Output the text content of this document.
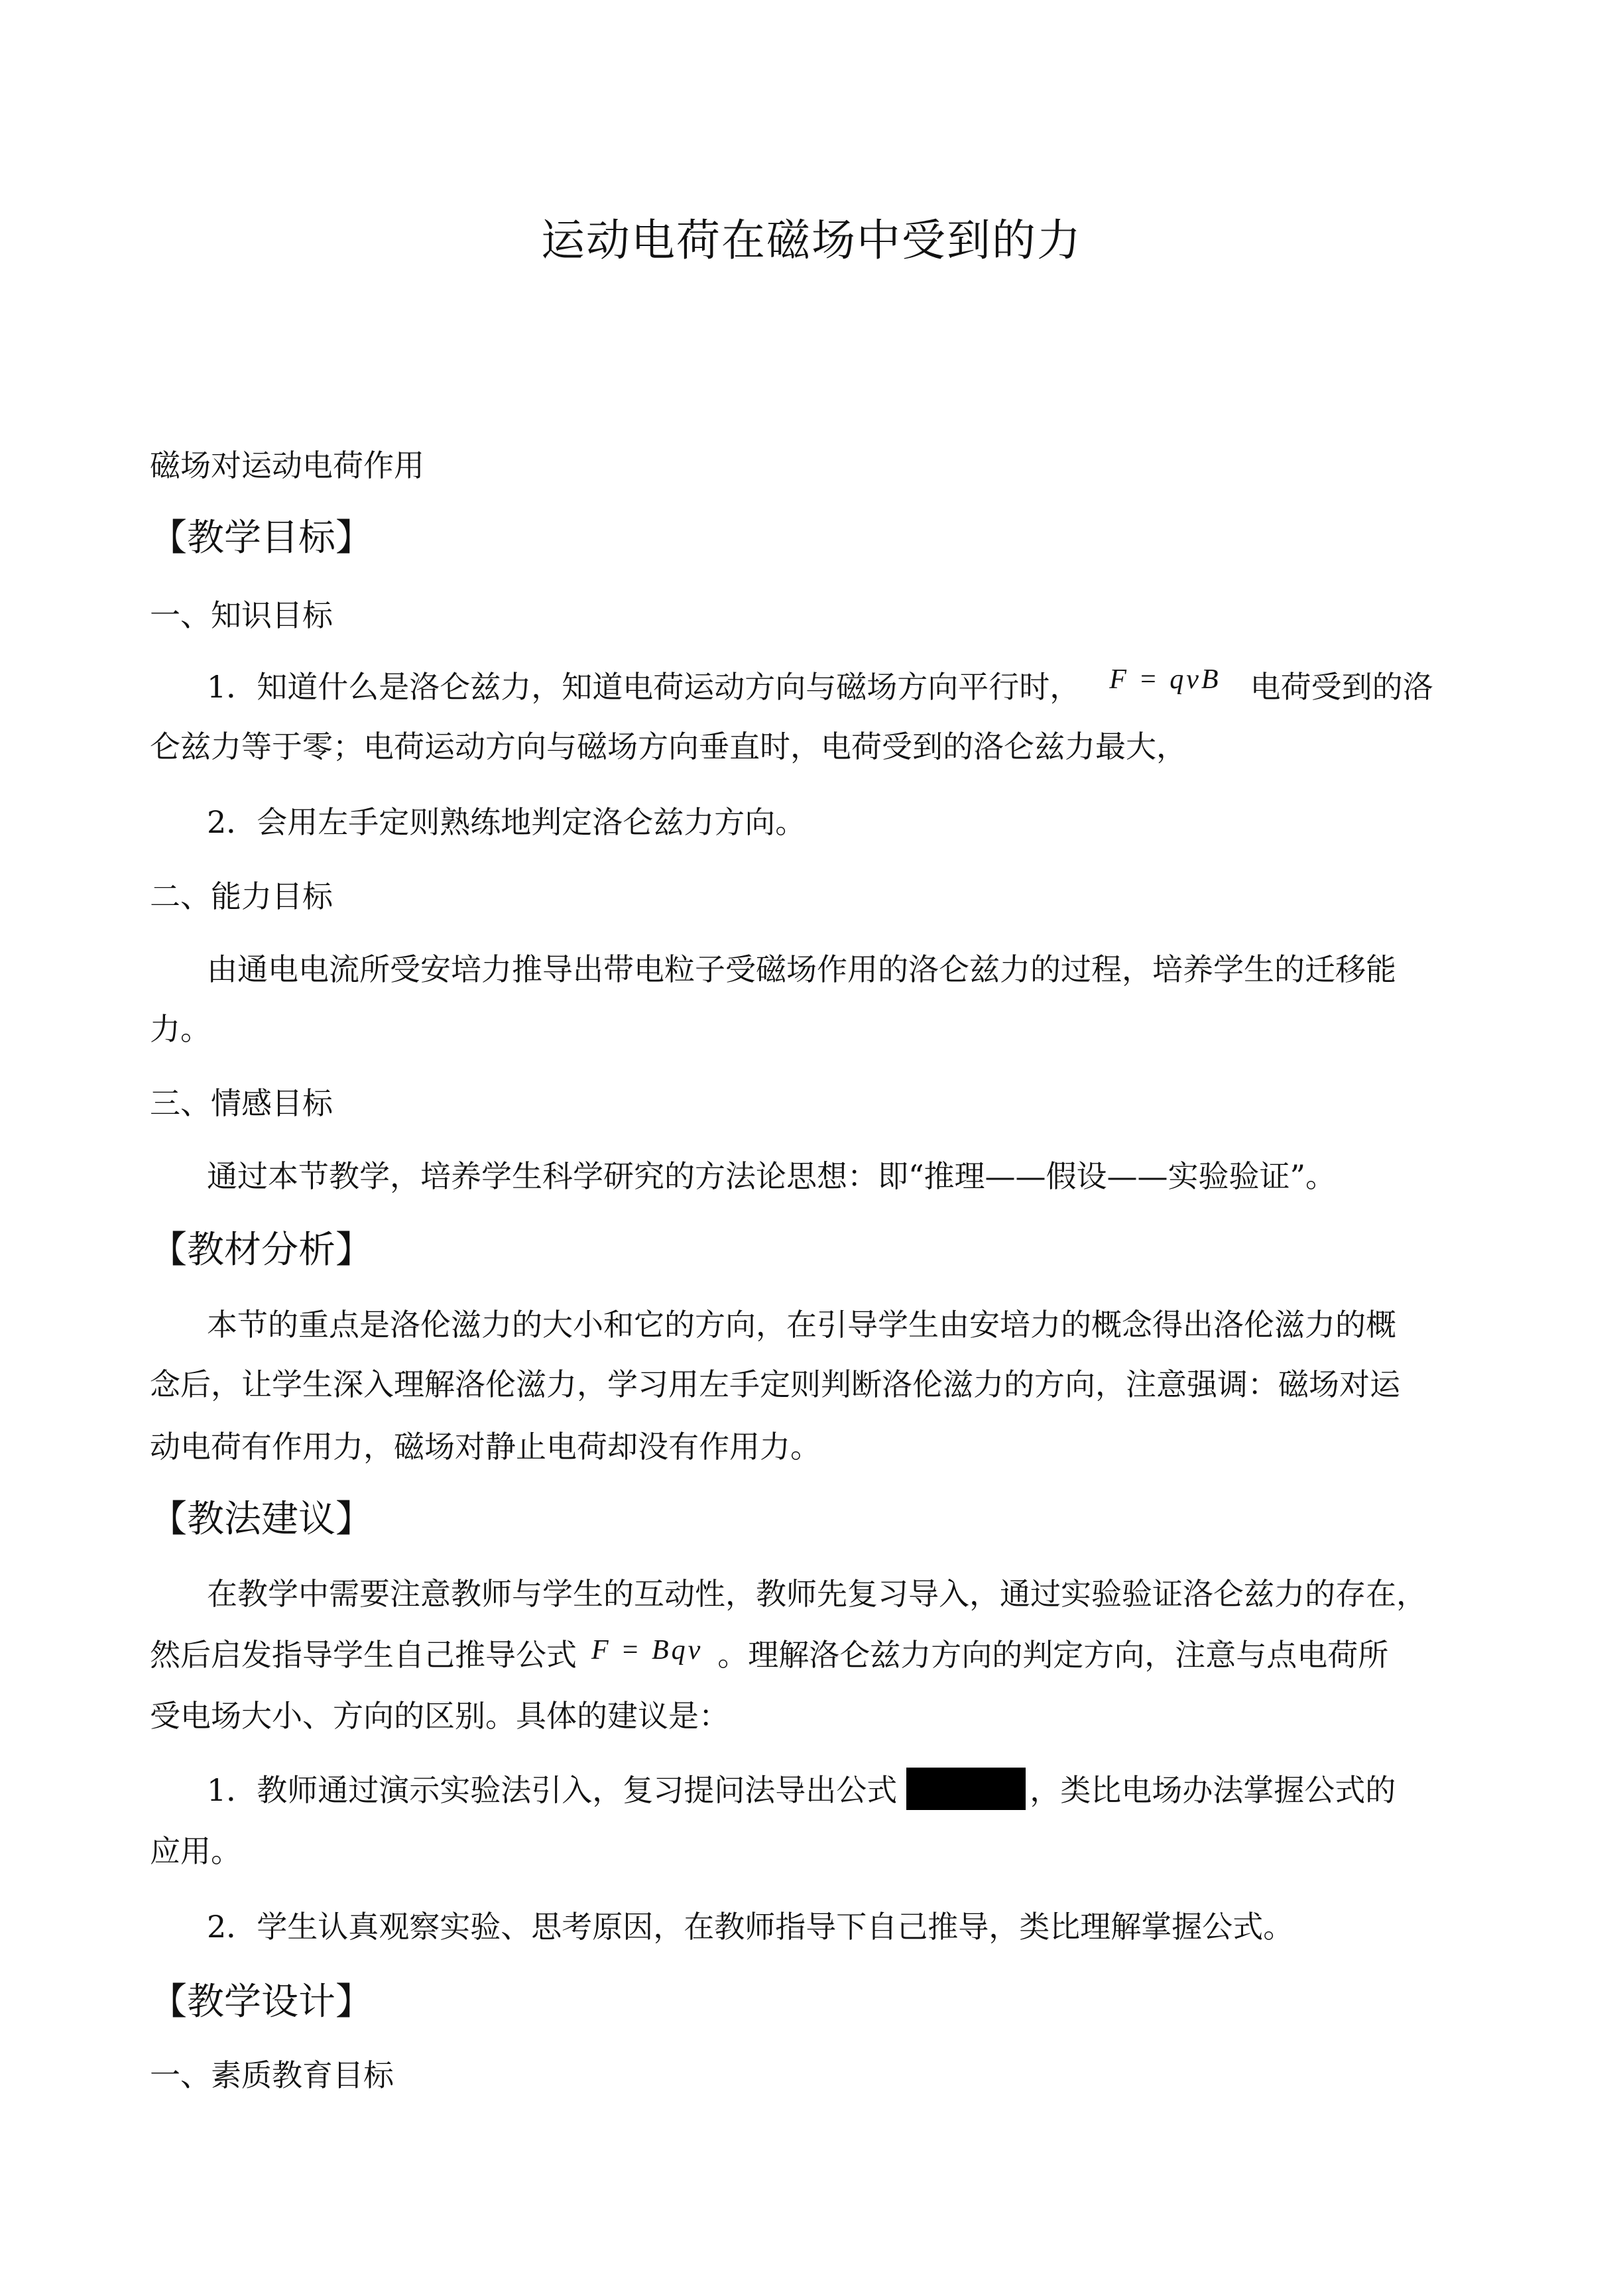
运动电荷在磁场中受到的力
磁场对运动电荷作用
【教学目标】
一、知识目标
1．知道什么是洛仑兹力，知道电荷运动方向与磁场方向平行时， F = qvB 电荷受到的洛
仑兹力等于零；电荷运动方向与磁场方向垂直时，电荷受到的洛仑兹力最大，
2．会用左手定则熟练地判定洛仑兹力方向。
二、能力目标
由通电电流所受安培力推导出带电粒子受磁场作用的洛仑兹力的过程，培养学生的迁移能
力。
三、情感目标
通过本节教学，培养学生科学研究的方法论思想：即“推理——假设——实验验证”。
【教材分析】
本节的重点是洛伦滋力的大小和它的方向，在引导学生由安培力的概念得出洛伦滋力的概
念后，让学生深入理解洛伦滋力，学习用左手定则判断洛伦滋力的方向，注意强调：磁场对运
动电荷有作用力，磁场对静止电荷却没有作用力。
【教法建议】
在教学中需要注意教师与学生的互动性，教师先复习导入，通过实验验证洛仑兹力的存在，
然后启发指导学生自己推导公式 F = Bqv 。理解洛仑兹力方向的判定方向，注意与点电荷所
受电场大小、方向的区别。具体的建议是：
1．教师通过演示实验法引入，复习提问法导出公式	，类比电场办法掌握公式的
应用。
2．学生认真观察实验、思考原因，在教师指导下自己推导，类比理解掌握公式。
【教学设计】
一、素质教育目标
